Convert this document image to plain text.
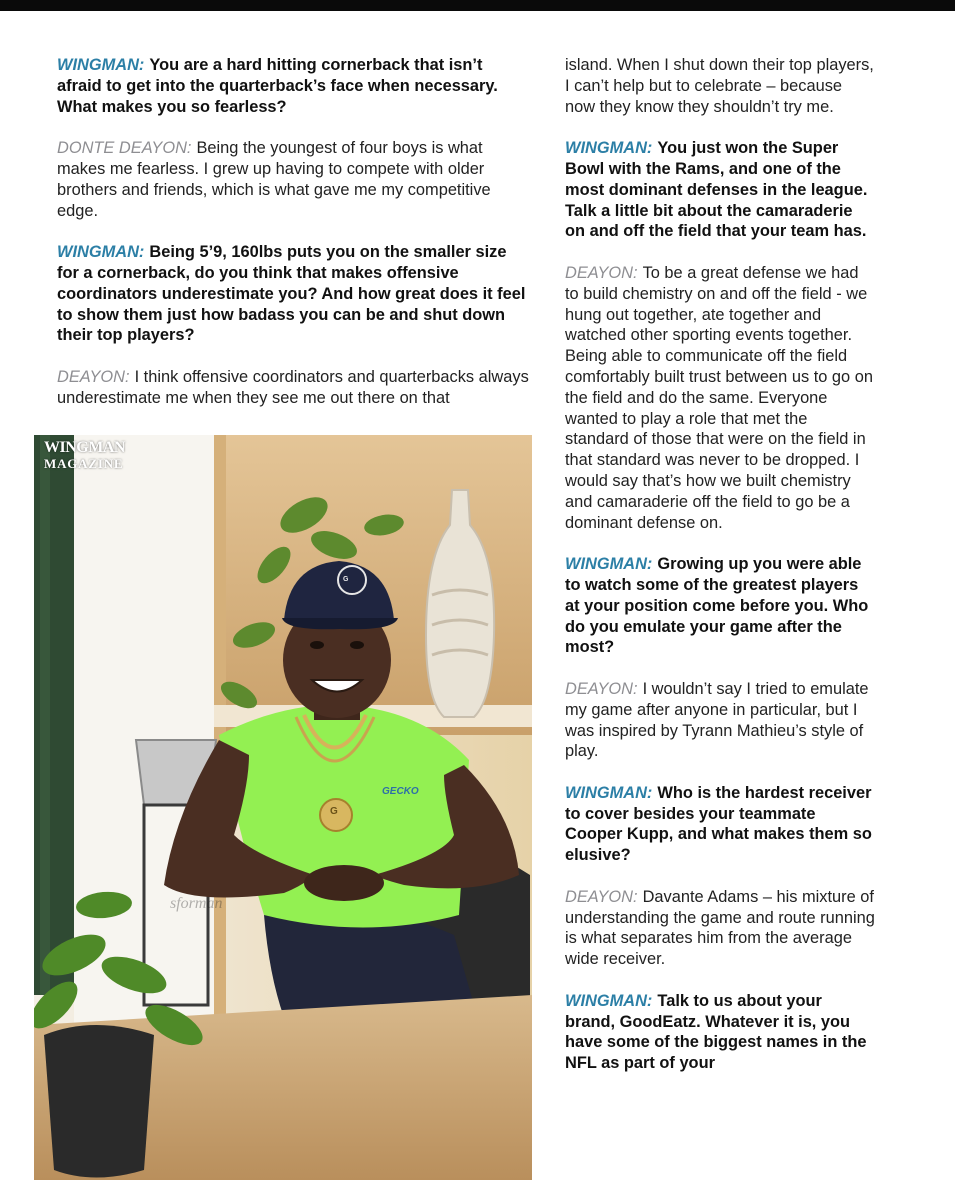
WINGMAN: You are a hard hitting cornerback that isn’t afraid to get into the quarterback’s face when necessary. What makes you so fearless?

DONTE DEAYON: Being the youngest of four boys is what makes me fearless. I grew up having to compete with older brothers and friends, which is what gave me my competitive edge.

WINGMAN: Being 5’9, 160lbs puts you on the smaller size for a cornerback, do you think that makes offensive coordinators underestimate you? And how great does it feel to show them just how badass you can be and shut down their top players?

DEAYON: I think offensive coordinators and quarterbacks always underestimate me when they see me out there on that

island. When I shut down their top players, I can’t help but to celebrate – because now they know they shouldn’t try me.

WINGMAN: You just won the Super Bowl with the Rams, and one of the most dominant defenses in the league. Talk a little bit about the camaraderie on and off the field that your team has.

DEAYON: To be a great defense we had to build chemistry on and off the field - we hung out together, ate together and watched other sporting events together. Being able to communicate off the field comfortably built trust between us to go on the field and do the same. Everyone wanted to play a role that met the standard of those that were on the field in that standard was never to be dropped. I would say that’s how we built chemistry and camaraderie off the field to go be a dominant defense on.

WINGMAN: Growing up you were able to watch some of the greatest players at your position come before you. Who do you emulate your game after the most?

DEAYON: I wouldn’t say I tried to emulate my game after anyone in particular, but I was inspired by Tyrann Mathieu’s style of play.

WINGMAN: Who is the hardest receiver to cover besides your teammate Cooper Kupp, and what makes them so elusive?

DEAYON: Davante Adams – his mixture of understanding the game and route running is what separates him from the average wide receiver.

WINGMAN: Talk to us about your brand, GoodEatz. Whatever it is, you have some of the biggest names in the NFL as part of your

WINGMAN
MAGAZINE
G
GECKO
G
sforman
